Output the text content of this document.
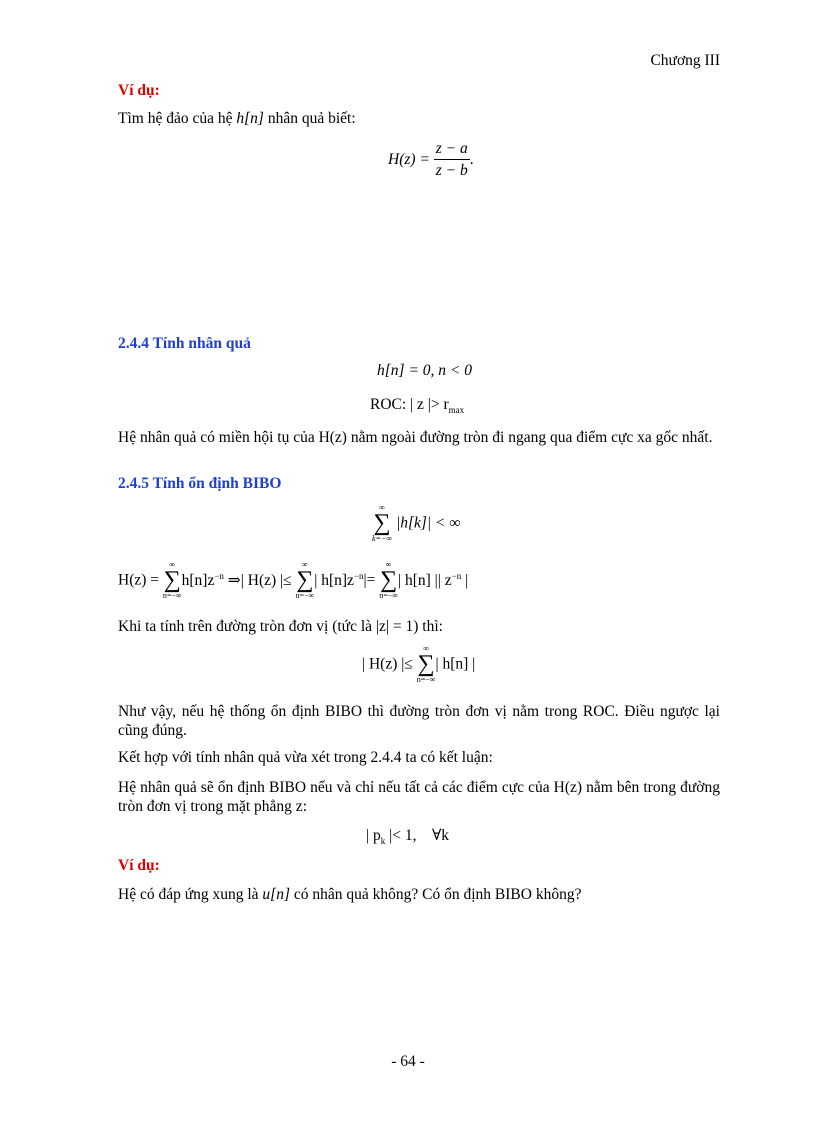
Chương III
Ví dụ:
Tìm hệ đảo của hệ h[n] nhân quả biết:
$H(z) = \frac{z - a}{z - b}$ .
2.4.4 Tính nhân quả
h[n] = 0, n < 0
ROC: | z |> $r_{max}$
Hệ nhân quả có miền hội tụ của H(z) nằm ngoài đường tròn đi ngang qua điểm cực xa gốc nhất.
2.4.5 Tính ổn định BIBO
∞
∑
k=−∞
|h[k]| < ∞
H(z) =
∞
∑
n=−∞
$h[n]z^{-n}$ ⇒| H(z) |≤
∞
∑
n=−∞
| $h[n]z^{-n}|=$
∞
∑
n=−∞
| h[n] || $z^{-n}$ |
Khi ta tính trên đường tròn đơn vị (tức là |z| = 1) thì:
| H(z) |≤
∞
∑
n=−∞
| h[n] |
Như vậy, nếu hệ thống ổn định BIBO thì đường tròn đơn vị nằm trong ROC. Điều ngược lại cũng đúng.
Kết hợp với tính nhân quả vừa xét trong 2.4.4 ta có kết luận:
Hệ nhân quả sẽ ổn định BIBO nếu và chỉ nếu tất cả các điểm cực của H(z) nằm bên trong đường tròn đơn vị trong mặt phẳng z:
| $p_k$ |< 1,    ∀k
Ví dụ:
Hệ có đáp ứng xung là u[n] có nhân quả không? Có ổn định BIBO không?
- 64 -
